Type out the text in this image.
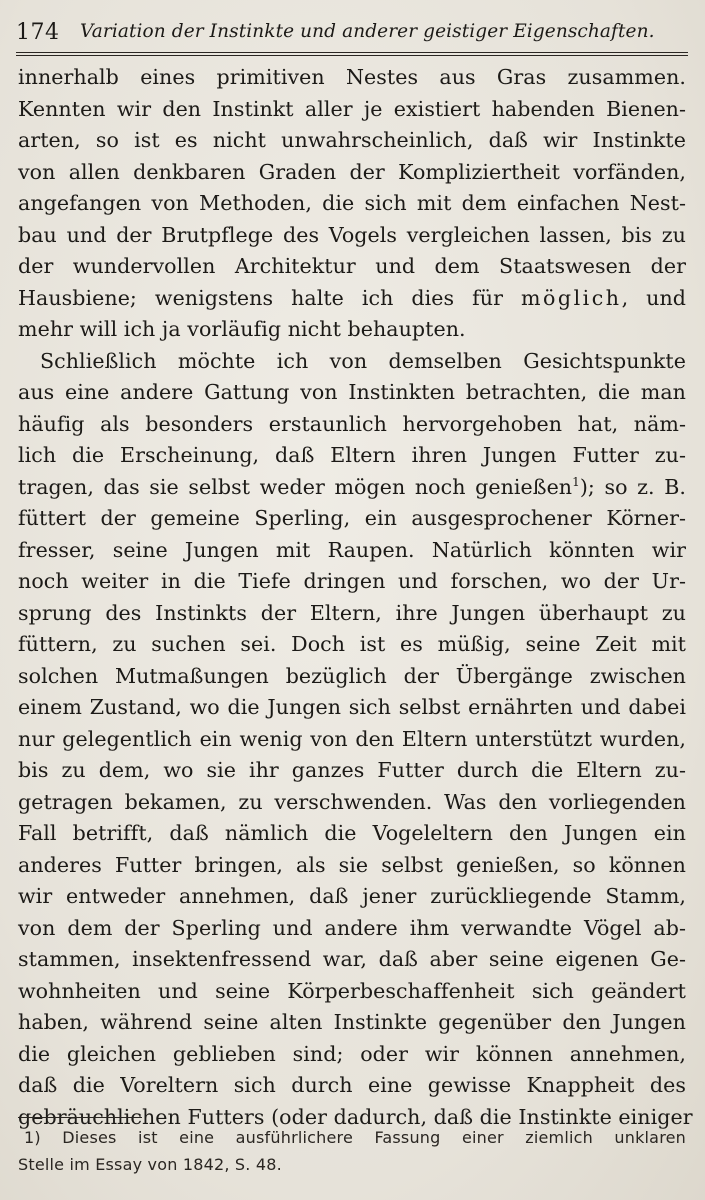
174 Variation der Instinkte und anderer geistiger Eigenschaften.
innerhalb eines primitiven Nestes aus Gras zusammen.
Kennten wir den Instinkt aller je existiert habenden Bienen-
arten, so ist es nicht unwahrscheinlich, daß wir Instinkte
von allen denkbaren Graden der Kompliziertheit vorfänden,
angefangen von Methoden, die sich mit dem einfachen Nest-
bau und der Brutpflege des Vogels vergleichen lassen, bis zu
der wundervollen Architektur und dem Staatswesen der
Hausbiene; wenigstens halte ich dies für möglich, und
mehr will ich ja vorläufig nicht behaupten.
Schließlich möchte ich von demselben Gesichtspunkte
aus eine andere Gattung von Instinkten betrachten, die man
häufig als besonders erstaunlich hervorgehoben hat, näm-
lich die Erscheinung, daß Eltern ihren Jungen Futter zu-
tragen, das sie selbst weder mögen noch genießen$^1$); so z. B.
füttert der gemeine Sperling, ein ausgesprochener Körner-
fresser, seine Jungen mit Raupen. Natürlich könnten wir
noch weiter in die Tiefe dringen und forschen, wo der Ur-
sprung des Instinkts der Eltern, ihre Jungen überhaupt zu
füttern, zu suchen sei. Doch ist es müßig, seine Zeit mit
solchen Mutmaßungen bezüglich der Übergänge zwischen
einem Zustand, wo die Jungen sich selbst ernährten und dabei
nur gelegentlich ein wenig von den Eltern unterstützt wurden,
bis zu dem, wo sie ihr ganzes Futter durch die Eltern zu-
getragen bekamen, zu verschwenden. Was den vorliegenden
Fall betrifft, daß nämlich die Vogeleltern den Jungen ein
anderes Futter bringen, als sie selbst genießen, so können
wir entweder annehmen, daß jener zurückliegende Stamm,
von dem der Sperling und andere ihm verwandte Vögel ab-
stammen, insektenfressend war, daß aber seine eigenen Ge-
wohnheiten und seine Körperbeschaffenheit sich geändert
haben, während seine alten Instinkte gegenüber den Jungen
die gleichen geblieben sind; oder wir können annehmen,
daß die Voreltern sich durch eine gewisse Knappheit des
gebräuchlichen Futters (oder dadurch, daß die Instinkte einiger
1) Dieses ist eine ausführlichere Fassung einer ziemlich unklaren
Stelle im Essay von 1842, S. 48.
